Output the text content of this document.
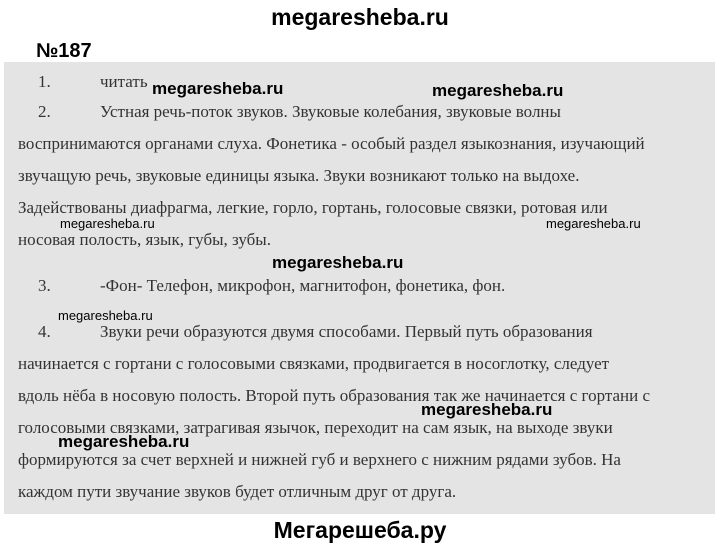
megaresheba.ru
№187
1.	читать
2.	Устная речь-поток звуков. Звуковые колебания, звуковые волны
воспринимаются органами слуха. Фонетика - особый раздел языкознания, изучающий
звучащую речь, звуковые единицы языка. Звуки возникают только на выдохе.
Задействованы диафрагма, легкие, горло, гортань, голосовые связки, ротовая или
носовая полость, язык, губы, зубы.
3.	-Фон- Телефон, микрофон, магнитофон, фонетика, фон.
4.	Звуки речи образуются двумя способами. Первый путь образования
начинается с гортани с голосовыми связками, продвигается в носоглотку, следует
вдоль нёба в носовую полость. Второй путь образования так же начинается с гортани с
голосовыми связками, затрагивая язычок, переходит на сам язык, на выходе звуки
формируются за счет верхней и нижней губ и верхнего с нижним рядами зубов. На
каждом пути звучание звуков будет отличным друг от друга.
megaresheba.ru	megaresheba.ru
megaresheba.ru	megaresheba.ru
megaresheba.ru
megaresheba.ru
megaresheba.ru
megaresheba.ru
Мегарешеба.ру
